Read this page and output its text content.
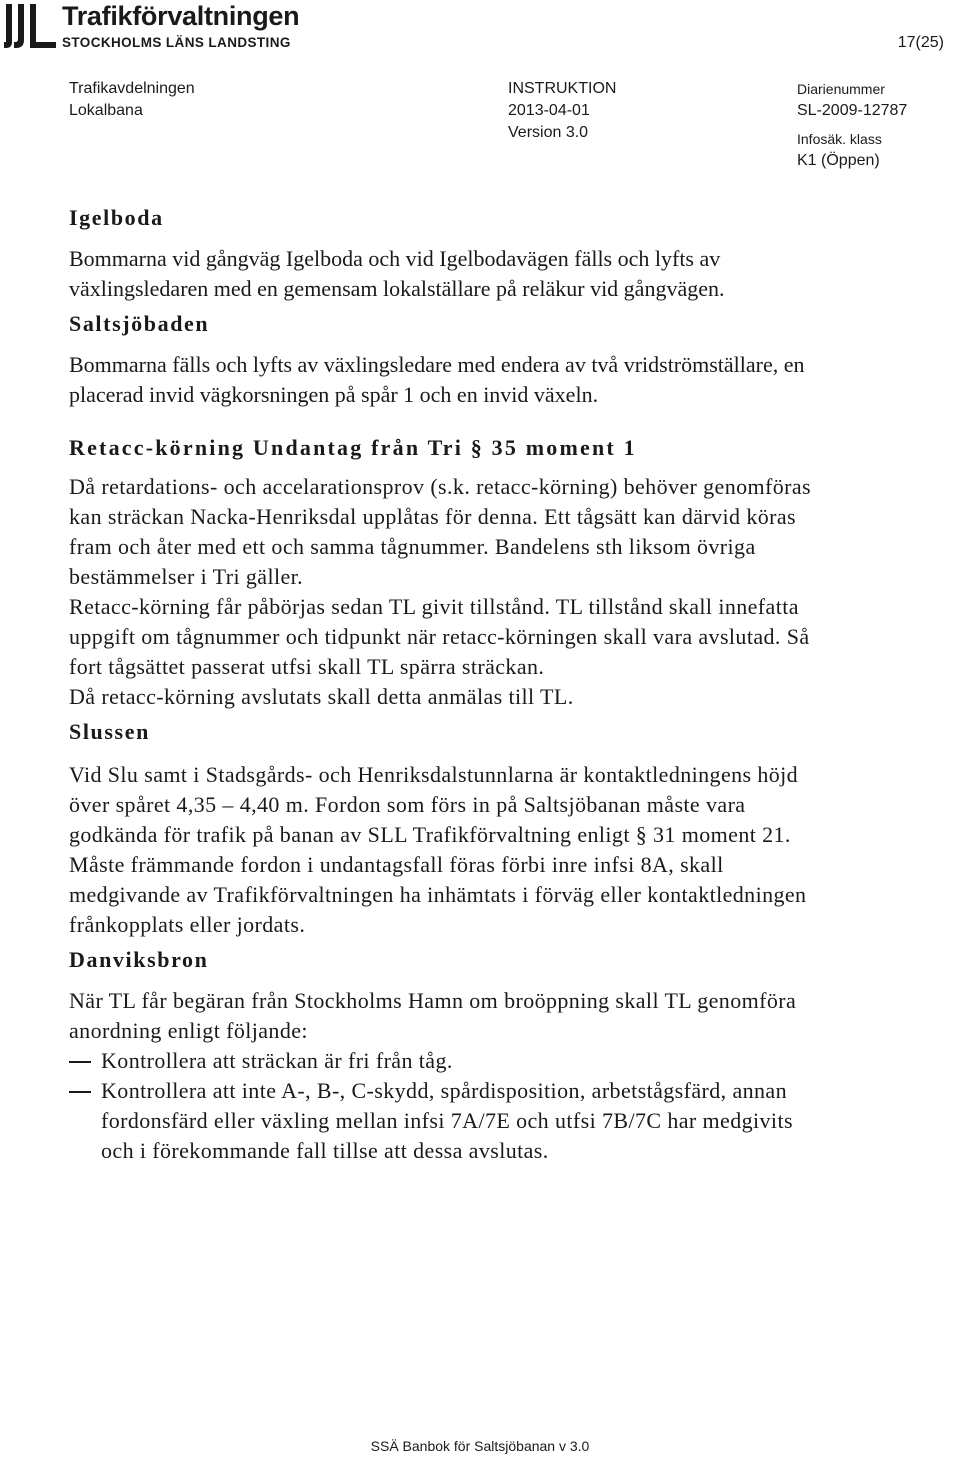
Trafikförvaltningen
STOCKHOLMS LÄNS LANDSTING	17(25)
Trafikavdelningen
Lokalbana
INSTRUKTION
2013-04-01
Version 3.0
Diarienummer
SL-2009-12787
Infosäk. klass
K1 (Öppen)
Igelboda

Bommarna vid gångväg Igelboda och vid Igelbodavägen fälls och lyfts av växlingsledaren med en gemensam lokalställare på reläkur vid gångvägen.

Saltsjöbaden

Bommarna fälls och lyfts av växlingsledare med endera av två vridströmställare, en placerad invid vägkorsningen på spår 1 och en invid växeln.

Retacc-körning Undantag från Tri § 35 moment 1

Då retardations- och accelarationsprov (s.k. retacc-körning) behöver genomföras kan sträckan Nacka-Henriksdal upplåtas för denna. Ett tågsätt kan därvid köras fram och åter med ett och samma tågnummer. Bandelens sth liksom övriga bestämmelser i Tri gäller.

Retacc-körning får påbörjas sedan TL givit tillstånd. TL tillstånd skall innefatta uppgift om tågnummer och tidpunkt när retacc-körningen skall vara avslutad. Så fort tågsättet passerat utfsi skall TL spärra sträckan.

Då retacc-körning avslutats skall detta anmälas till TL.

Slussen

Vid Slu samt i Stadsgårds- och Henriksdalstunnlarna är kontaktledningens höjd över spåret 4,35 – 4,40 m. Fordon som förs in på Saltsjöbanan måste vara godkända för trafik på banan av SLL Trafikförvaltning enligt § 31 moment 21.

Måste främmande fordon i undantagsfall föras förbi inre infsi 8A, skall medgivande av Trafikförvaltningen ha inhämtats i förväg eller kontaktledningen frånkopplats eller jordats.

Danviksbron

När TL får begäran från Stockholms Hamn om broöppning skall TL genomföra anordning enligt följande:

Kontrollera att sträckan är fri från tåg.
Kontrollera att inte A-, B-, C-skydd, spårdisposition, arbetstågsfärd, annan fordonsfärd eller växling mellan infsi 7A/7E och utfsi 7B/7C har medgivits och i förekommande fall tillse att dessa avslutas.
SSÄ Banbok för Saltsjöbanan v 3.0
